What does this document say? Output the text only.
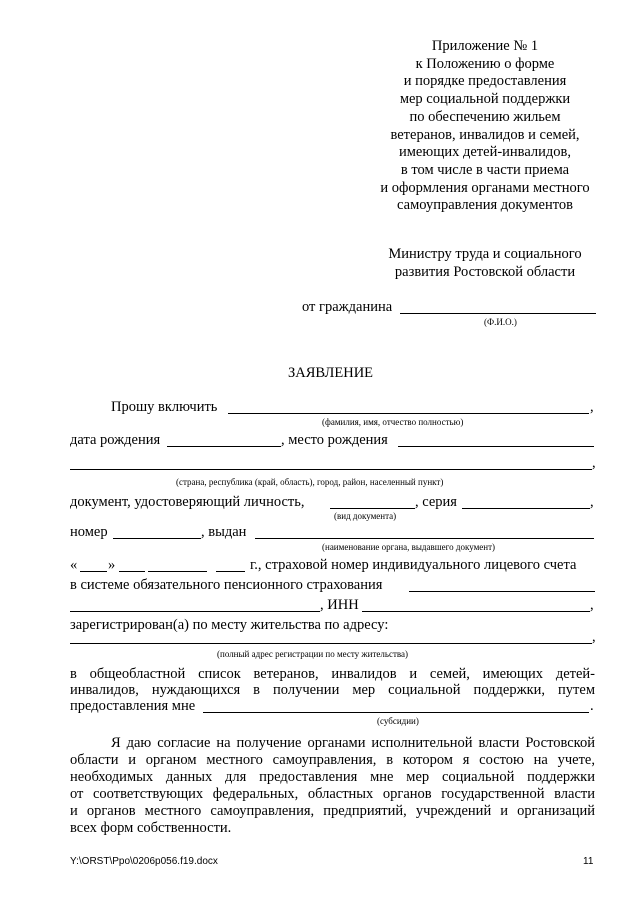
Приложение № 1
к Положению о форме
и порядке предоставления
мер социальной поддержки
по обеспечению жильем
ветеранов, инвалидов и семей,
имеющих детей-инвалидов,
в том числе в части приема
и оформления органами местного
самоуправления документов
Министру труда и социального
развития Ростовской области
от гражданина
(Ф.И.О.)
ЗАЯВЛЕНИЕ
Прошу включить	,
(фамилия, имя, отчество полностью)
дата рождения	, место рождения
,
(страна, республика (край, область), город, район, населенный пункт)
документ, удостоверяющий личность,	, серия	,
(вид документа)
номер	, выдан
(наименование органа, выдавшего документ)
« »	г., страховой номер индивидуального лицевого счета
в системе обязательного пенсионного страхования
, ИНН	,
зарегистрирован(а) по месту жительства по адресу:
,
(полный адрес регистрации по месту жительства)
в общеобластной список ветеранов, инвалидов и семей, имеющих детей-
инвалидов, нуждающихся в получении мер социальной поддержки, путем
предоставления мне	.
(субсидии)
Я даю согласие на получение органами исполнительной власти Ростовской
области и органом местного самоуправления, в котором я состою на учете,
необходимых данных для предоставления мне мер социальной поддержки
от соответствующих федеральных, областных органов государственной власти
и органов местного самоуправления, предприятий, учреждений и организаций
всех форм собственности.
Y:\ORST\Ppo\0206p056.f19.docx	11
